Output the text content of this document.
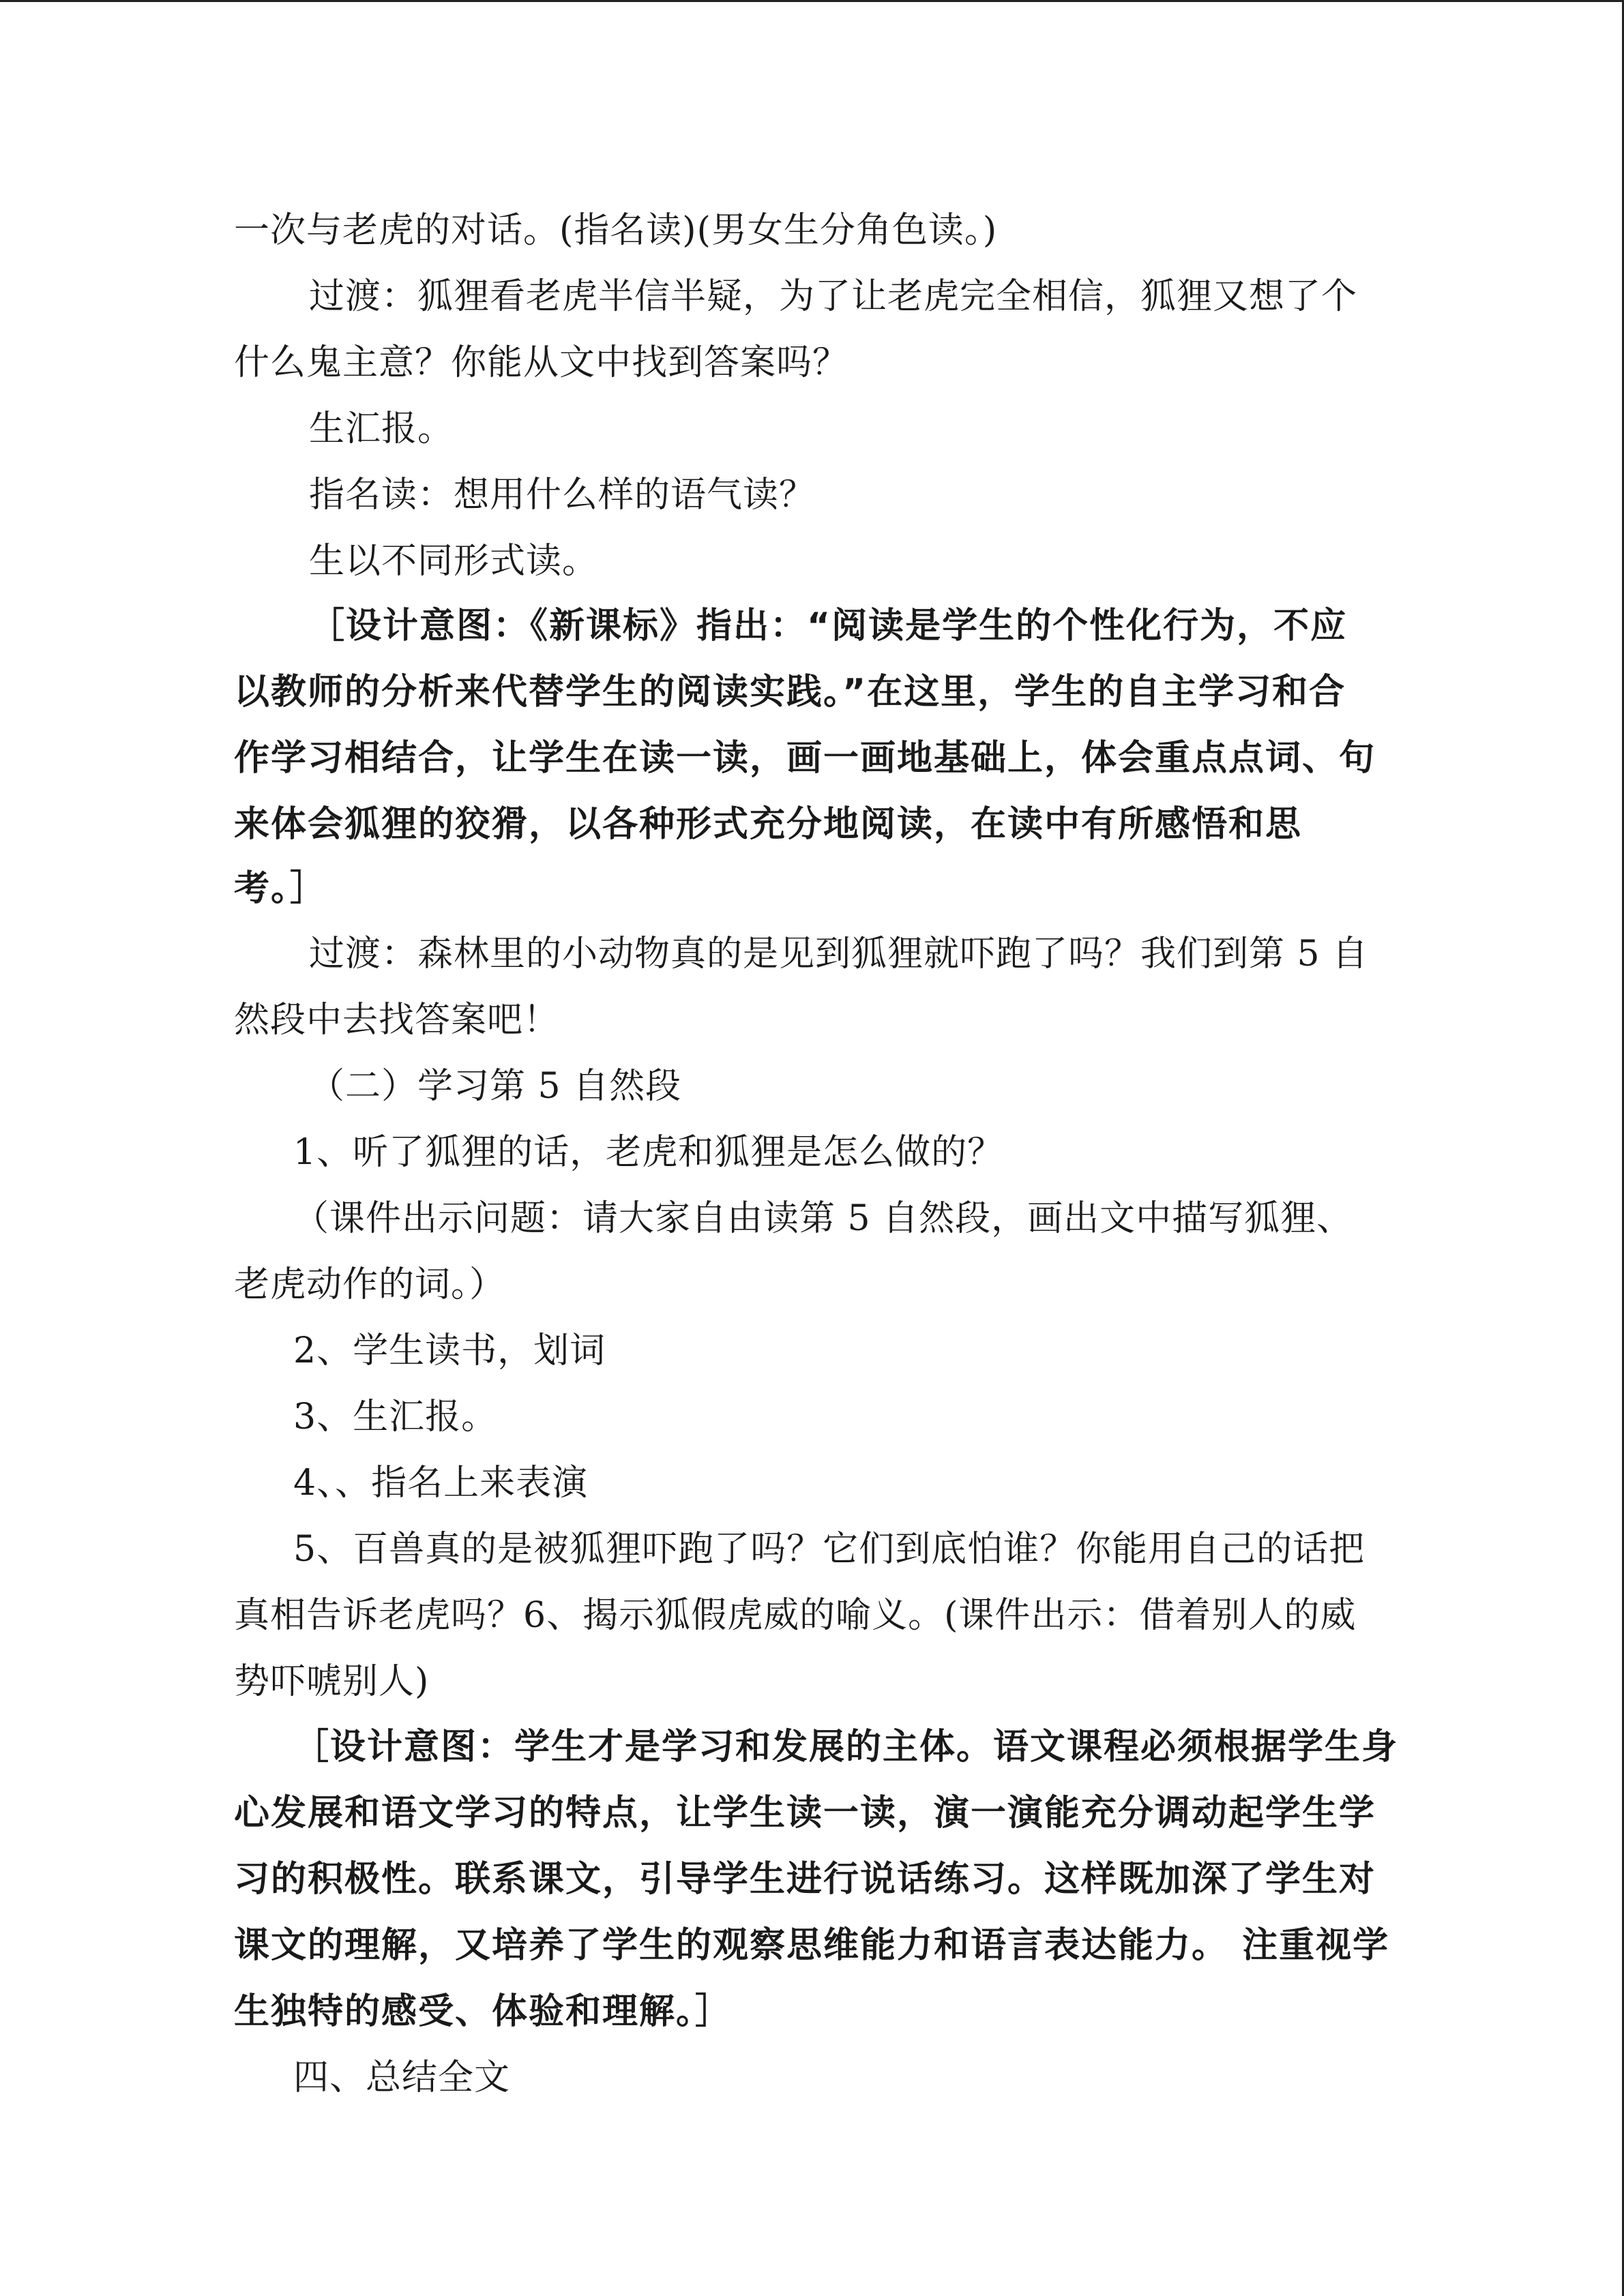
一次与老虎的对话。(指名读)(男女生分角色读。)
过渡：狐狸看老虎半信半疑，为了让老虎完全相信，狐狸又想了个
什么鬼主意？你能从文中找到答案吗？
生汇报。
指名读：想用什么样的语气读？
生以不同形式读。
［设计意图：《新课标》指出：“阅读是学生的个性化行为，不应
以教师的分析来代替学生的阅读实践。”在这里，学生的自主学习和合
作学习相结合，让学生在读一读，画一画地基础上，体会重点点词、句
来体会狐狸的狡猾，以各种形式充分地阅读，在读中有所感悟和思
考。］
过渡：森林里的小动物真的是见到狐狸就吓跑了吗？我们到第 5 自
然段中去找答案吧！
（二）学习第 5 自然段
1、听了狐狸的话，老虎和狐狸是怎么做的？
（课件出示问题：请大家自由读第 5 自然段，画出文中描写狐狸、
老虎动作的词。）
2、学生读书，划词
3、生汇报。
4、、指名上来表演
5、百兽真的是被狐狸吓跑了吗？它们到底怕谁？你能用自己的话把
真相告诉老虎吗？6、揭示狐假虎威的喻义。(课件出示：借着别人的威
势吓唬别人)
［设计意图：学生才是学习和发展的主体。语文课程必须根据学生身
心发展和语文学习的特点，让学生读一读，演一演能充分调动起学生学
习的积极性。联系课文，引导学生进行说话练习。这样既加深了学生对
课文的理解，又培养了学生的观察思维能力和语言表达能力。 注重视学
生独特的感受、体验和理解。］
四、总结全文
